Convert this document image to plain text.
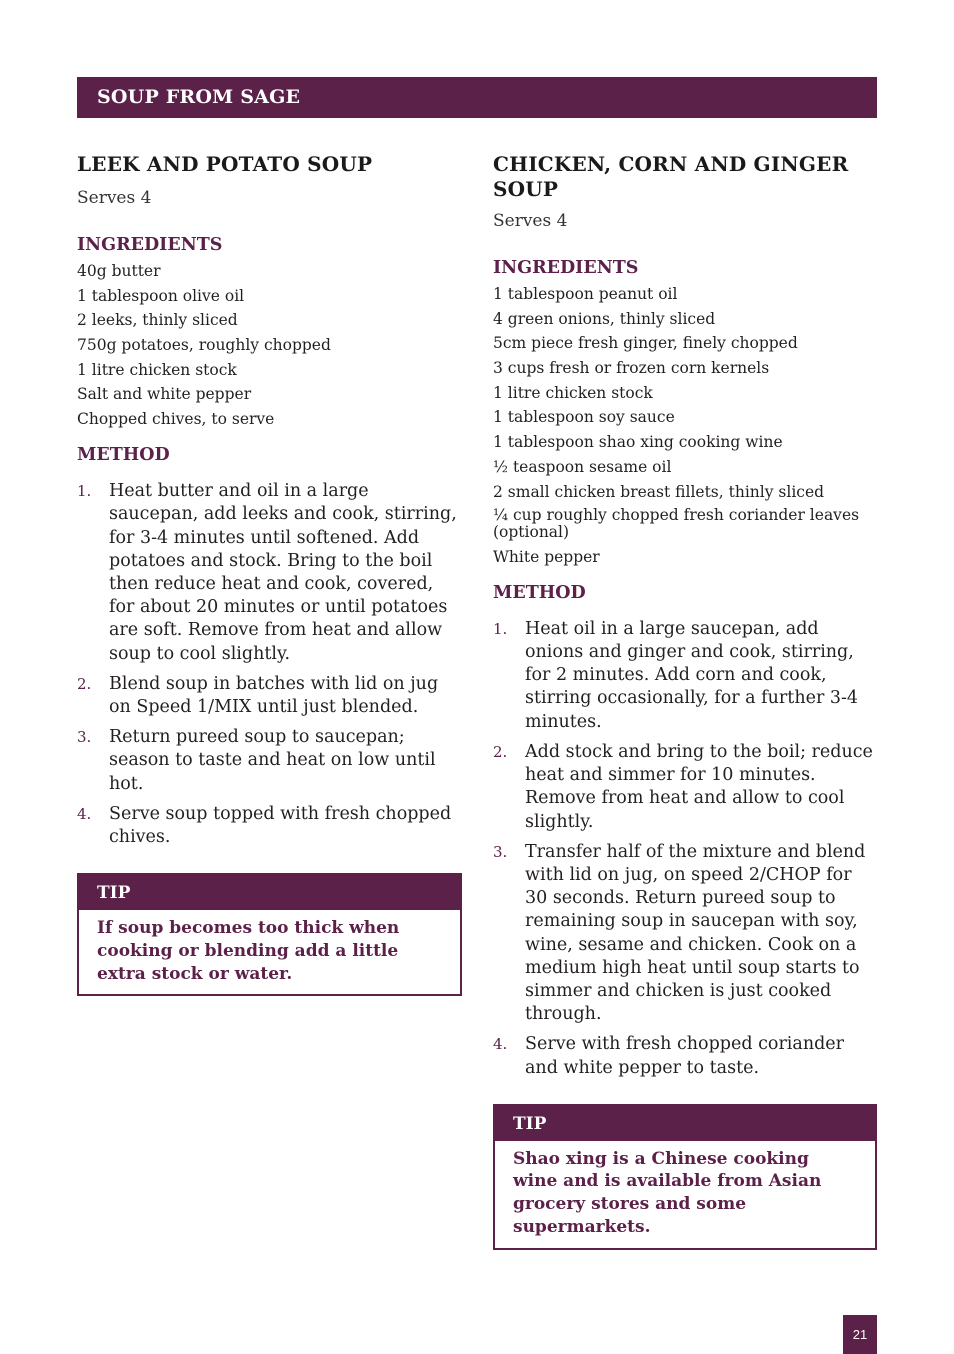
SOUP FROM SAGE
LEEK AND POTATO SOUP
Serves 4
INGREDIENTS
40g butter
1 tablespoon olive oil
2 leeks, thinly sliced
750g potatoes, roughly chopped
1 litre chicken stock
Salt and white pepper
Chopped chives, to serve
METHOD
1. Heat butter and oil in a large saucepan, add leeks and cook, stirring, for 3-4 minutes until softened. Add potatoes and stock. Bring to the boil then reduce heat and cook, covered, for about 20 minutes or until potatoes are soft. Remove from heat and allow soup to cool slightly.
2. Blend soup in batches with lid on jug on Speed 1/MIX until just blended.
3. Return pureed soup to saucepan; season to taste and heat on low until hot.
4. Serve soup topped with fresh chopped chives.
TIP
If soup becomes too thick when cooking or blending add a little extra stock or water.
CHICKEN, CORN AND GINGER SOUP
Serves 4
INGREDIENTS
1 tablespoon peanut oil
4 green onions, thinly sliced
5cm piece fresh ginger, finely chopped
3 cups fresh or frozen corn kernels
1 litre chicken stock
1 tablespoon soy sauce
1 tablespoon shao xing cooking wine
½ teaspoon sesame oil
2 small chicken breast fillets, thinly sliced
¼ cup roughly chopped fresh coriander leaves (optional)
White pepper
METHOD
1. Heat oil in a large saucepan, add onions and ginger and cook, stirring, for 2 minutes. Add corn and cook, stirring occasionally, for a further 3-4 minutes.
2. Add stock and bring to the boil; reduce heat and simmer for 10 minutes. Remove from heat and allow to cool slightly.
3. Transfer half of the mixture and blend with lid on jug, on speed 2/CHOP for 30 seconds. Return pureed soup to remaining soup in saucepan with soy, wine, sesame and chicken. Cook on a medium high heat until soup starts to simmer and chicken is just cooked through.
4. Serve with fresh chopped coriander and white pepper to taste.
TIP
Shao xing is a Chinese cooking wine and is available from Asian grocery stores and some supermarkets.
21
